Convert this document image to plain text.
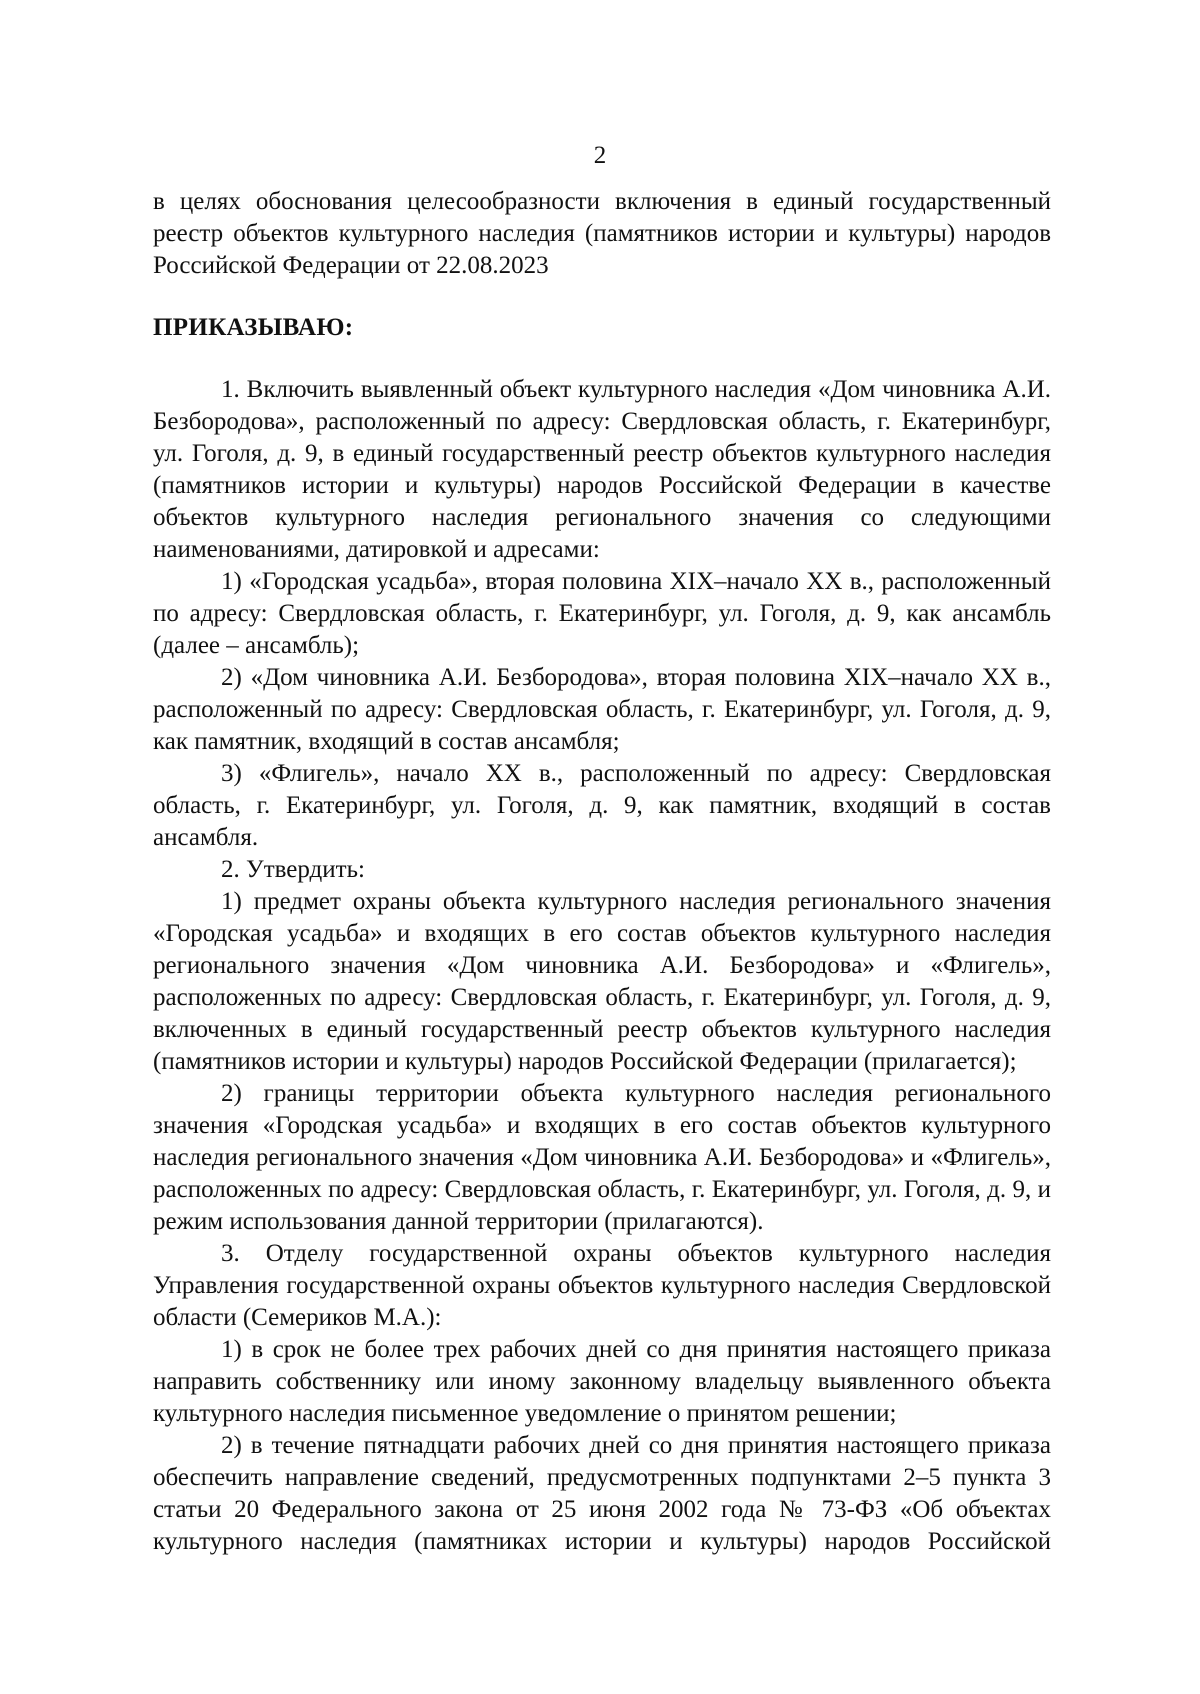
2

в целях обоснования целесообразности включения в единый государственный реестр объектов культурного наследия (памятников истории и культуры) народов Российской Федерации от 22.08.2023

ПРИКАЗЫВАЮ:

1. Включить выявленный объект культурного наследия «Дом чиновника А.И. Безбородова», расположенный по адресу: Свердловская область, г. Екатеринбург, ул. Гоголя, д. 9, в единый государственный реестр объектов культурного наследия (памятников истории и культуры) народов Российской Федерации в качестве объектов культурного наследия регионального значения со следующими наименованиями, датировкой и адресами:

1) «Городская усадьба», вторая половина XIX–начало XX в., расположенный по адресу: Свердловская область, г. Екатеринбург, ул. Гоголя, д. 9, как ансамбль (далее – ансамбль);

2) «Дом чиновника А.И. Безбородова», вторая половина XIX–начало XX в., расположенный по адресу: Свердловская область, г. Екатеринбург, ул. Гоголя, д. 9, как памятник, входящий в состав ансамбля;

3) «Флигель», начало XX в., расположенный по адресу: Свердловская область, г. Екатеринбург, ул. Гоголя, д. 9, как памятник, входящий в состав ансамбля.

2. Утвердить:

1) предмет охраны объекта культурного наследия регионального значения «Городская усадьба» и входящих в его состав объектов культурного наследия регионального значения «Дом чиновника А.И. Безбородова» и «Флигель», расположенных по адресу: Свердловская область, г. Екатеринбург, ул. Гоголя, д. 9, включенных в единый государственный реестр объектов культурного наследия (памятников истории и культуры) народов Российской Федерации (прилагается);

2) границы территории объекта культурного наследия регионального значения «Городская усадьба» и входящих в его состав объектов культурного наследия регионального значения «Дом чиновника А.И. Безбородова» и «Флигель», расположенных по адресу: Свердловская область, г. Екатеринбург, ул. Гоголя, д. 9, и режим использования данной территории (прилагаются).

3. Отделу государственной охраны объектов культурного наследия Управления государственной охраны объектов культурного наследия Свердловской области (Семериков М.А.):

1) в срок не более трех рабочих дней со дня принятия настоящего приказа направить собственнику или иному законному владельцу выявленного объекта культурного наследия письменное уведомление о принятом решении;

2) в течение пятнадцати рабочих дней со дня принятия настоящего приказа обеспечить направление сведений, предусмотренных подпунктами 2–5 пункта 3 статьи 20 Федерального закона от 25 июня 2002 года № 73-ФЗ «Об объектах культурного наследия (памятниках истории и культуры) народов Российской
